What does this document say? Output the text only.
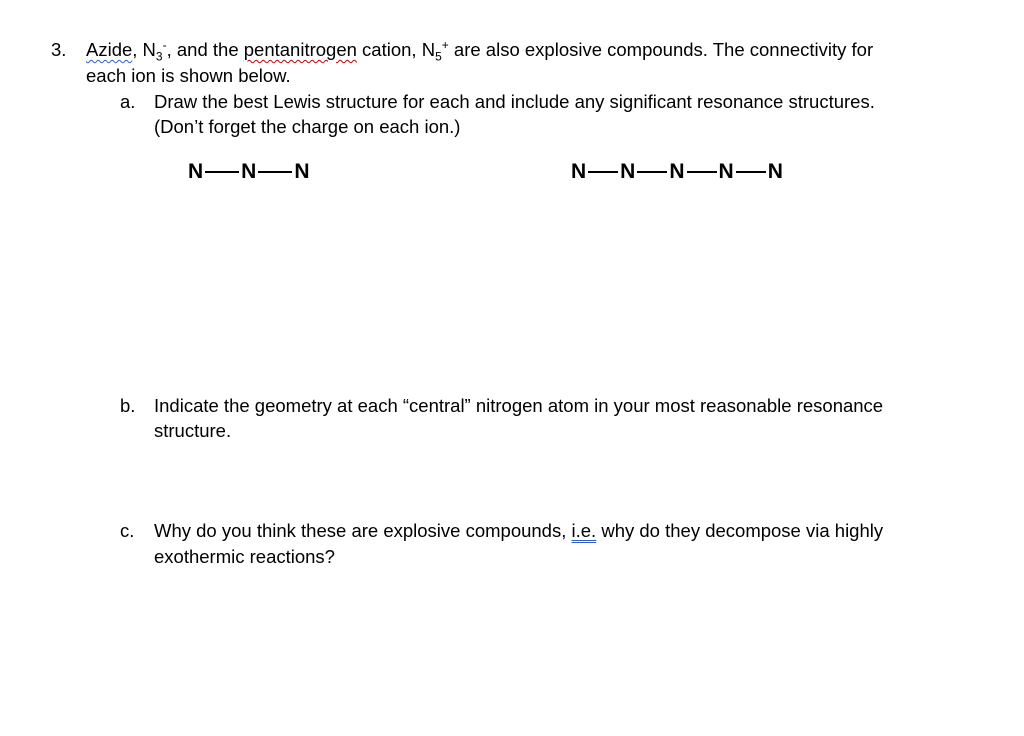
3. Azide, $N_3^-$, and the pentanitrogen cation, $N_5^+$ are also explosive compounds. The connectivity for
each ion is shown below.
a. Draw the best Lewis structure for each and include any significant resonance structures.
(Don’t forget the charge on each ion.)
N N N	N N N N N
b. Indicate the geometry at each “central” nitrogen atom in your most reasonable resonance
structure.
c. Why do you think these are explosive compounds, i.e. why do they decompose via highly
exothermic reactions?
